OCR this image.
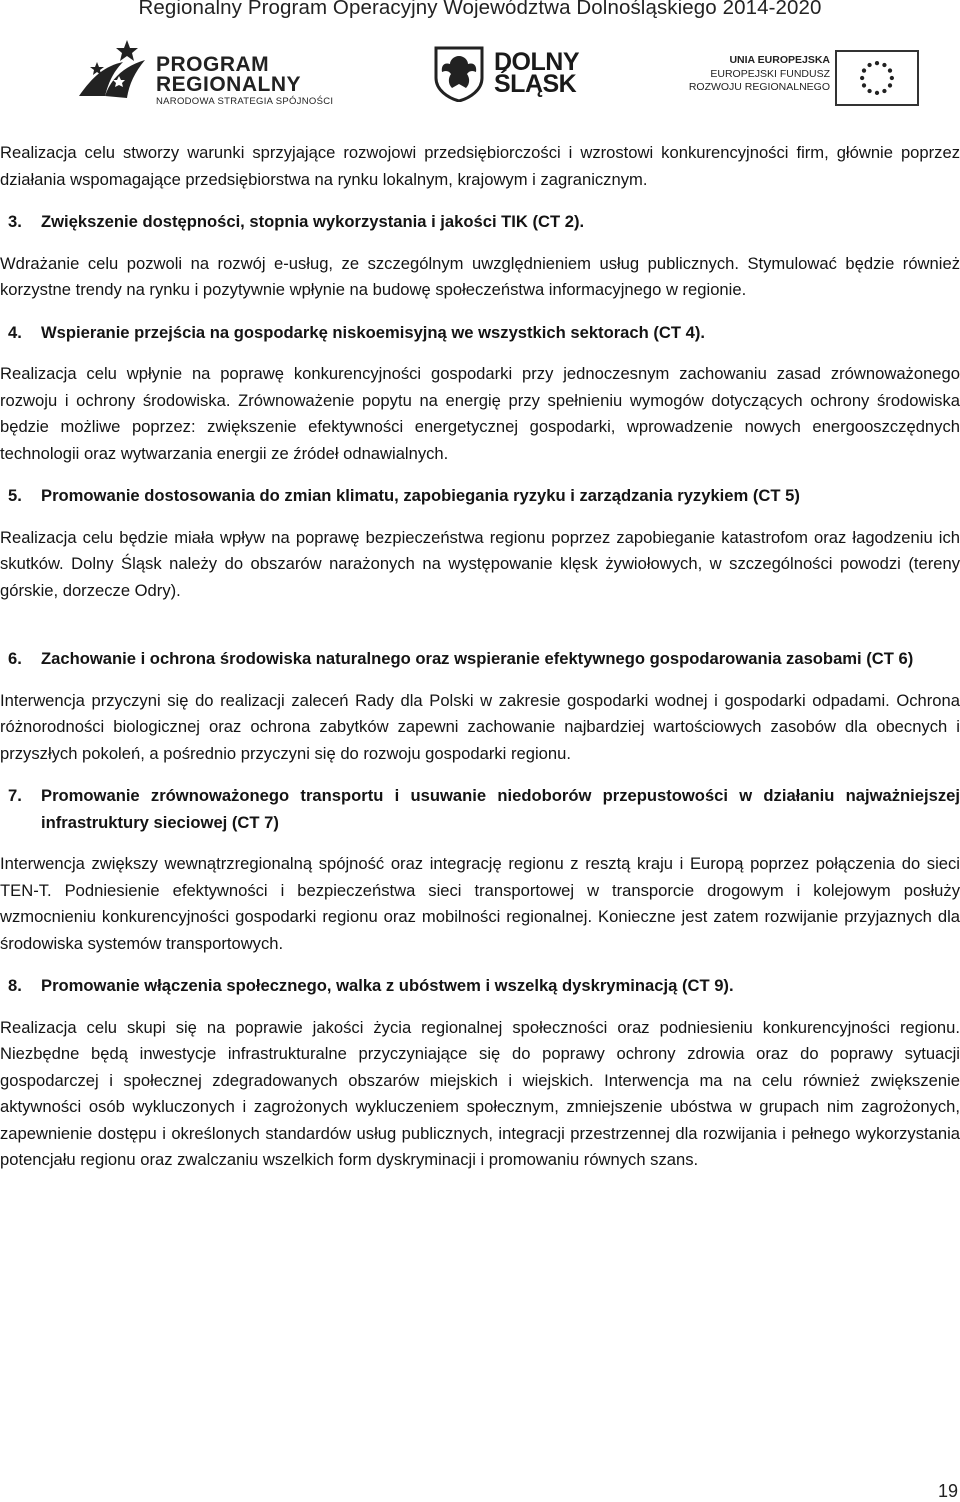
Regionalny Program Operacyjny Województwa Dolnośląskiego 2014-2020
PROGRAM
REGIONALNY
NARODOWA STRATEGIA SPÓJNOŚCI
DOLNY
ŚLĄSK
UNIA EUROPEJSKA
EUROPEJSKI FUNDUSZ
ROZWOJU REGIONALNEGO

Realizacja celu stworzy warunki sprzyjające rozwojowi przedsiębiorczości i wzrostowi konkurencyjności firm, głównie poprzez działania wspomagające przedsiębiorstwa na rynku lokalnym, krajowym i zagranicznym.

3. Zwiększenie dostępności, stopnia wykorzystania i jakości TIK (CT 2).

Wdrażanie celu pozwoli na rozwój e-usług, ze szczególnym uwzględnieniem usług publicznych. Stymulować będzie również korzystne trendy na rynku i pozytywnie wpłynie na budowę społeczeństwa informacyjnego w regionie.

4. Wspieranie przejścia na gospodarkę niskoemisyjną we wszystkich sektorach (CT 4).

Realizacja celu wpłynie na poprawę konkurencyjności gospodarki przy jednoczesnym zachowaniu zasad zrównoważonego rozwoju i ochrony środowiska. Zrównoważenie popytu na energię przy spełnieniu wymogów dotyczących ochrony środowiska będzie możliwe poprzez: zwiększenie efektywności energetycznej gospodarki, wprowadzenie nowych energooszczędnych technologii oraz wytwarzania energii ze źródeł odnawialnych.

5. Promowanie dostosowania do zmian klimatu, zapobiegania ryzyku i zarządzania ryzykiem (CT 5)

Realizacja celu będzie miała wpływ na poprawę bezpieczeństwa regionu poprzez zapobieganie katastrofom oraz łagodzeniu ich skutków. Dolny Śląsk należy do obszarów narażonych na występowanie klęsk żywiołowych, w szczególności powodzi (tereny górskie, dorzecze Odry).

6. Zachowanie i ochrona środowiska naturalnego oraz wspieranie efektywnego gospodarowania zasobami (CT 6)

Interwencja przyczyni się do realizacji zaleceń Rady dla Polski w zakresie gospodarki wodnej i gospodarki odpadami. Ochrona różnorodności biologicznej oraz ochrona zabytków zapewni zachowanie najbardziej wartościowych zasobów dla obecnych i przyszłych pokoleń, a pośrednio przyczyni się do rozwoju gospodarki regionu.

7. Promowanie zrównoważonego transportu i usuwanie niedoborów przepustowości w działaniu najważniejszej infrastruktury sieciowej (CT 7)

Interwencja zwiększy wewnątrzregionalną spójność oraz integrację regionu z resztą kraju i Europą poprzez połączenia do sieci TEN-T. Podniesienie efektywności i bezpieczeństwa sieci transportowej w transporcie drogowym i kolejowym posłuży wzmocnieniu konkurencyjności gospodarki regionu oraz mobilności regionalnej. Konieczne jest zatem rozwijanie przyjaznych dla środowiska systemów transportowych.

8. Promowanie włączenia społecznego, walka z ubóstwem i wszelką dyskryminacją (CT 9).

Realizacja celu skupi się na poprawie jakości życia regionalnej społeczności oraz podniesieniu konkurencyjności regionu. Niezbędne będą inwestycje infrastrukturalne przyczyniające się do poprawy ochrony zdrowia oraz do poprawy sytuacji gospodarczej i społecznej zdegradowanych obszarów miejskich i wiejskich. Interwencja ma na celu również zwiększenie aktywności osób wykluczonych i zagrożonych wykluczeniem społecznym, zmniejszenie ubóstwa w grupach nim zagrożonych, zapewnienie dostępu i określonych standardów usług publicznych, integracji przestrzennej dla rozwijania i pełnego wykorzystania potencjału regionu oraz zwalczaniu wszelkich form dyskryminacji i promowaniu równych szans.

19
